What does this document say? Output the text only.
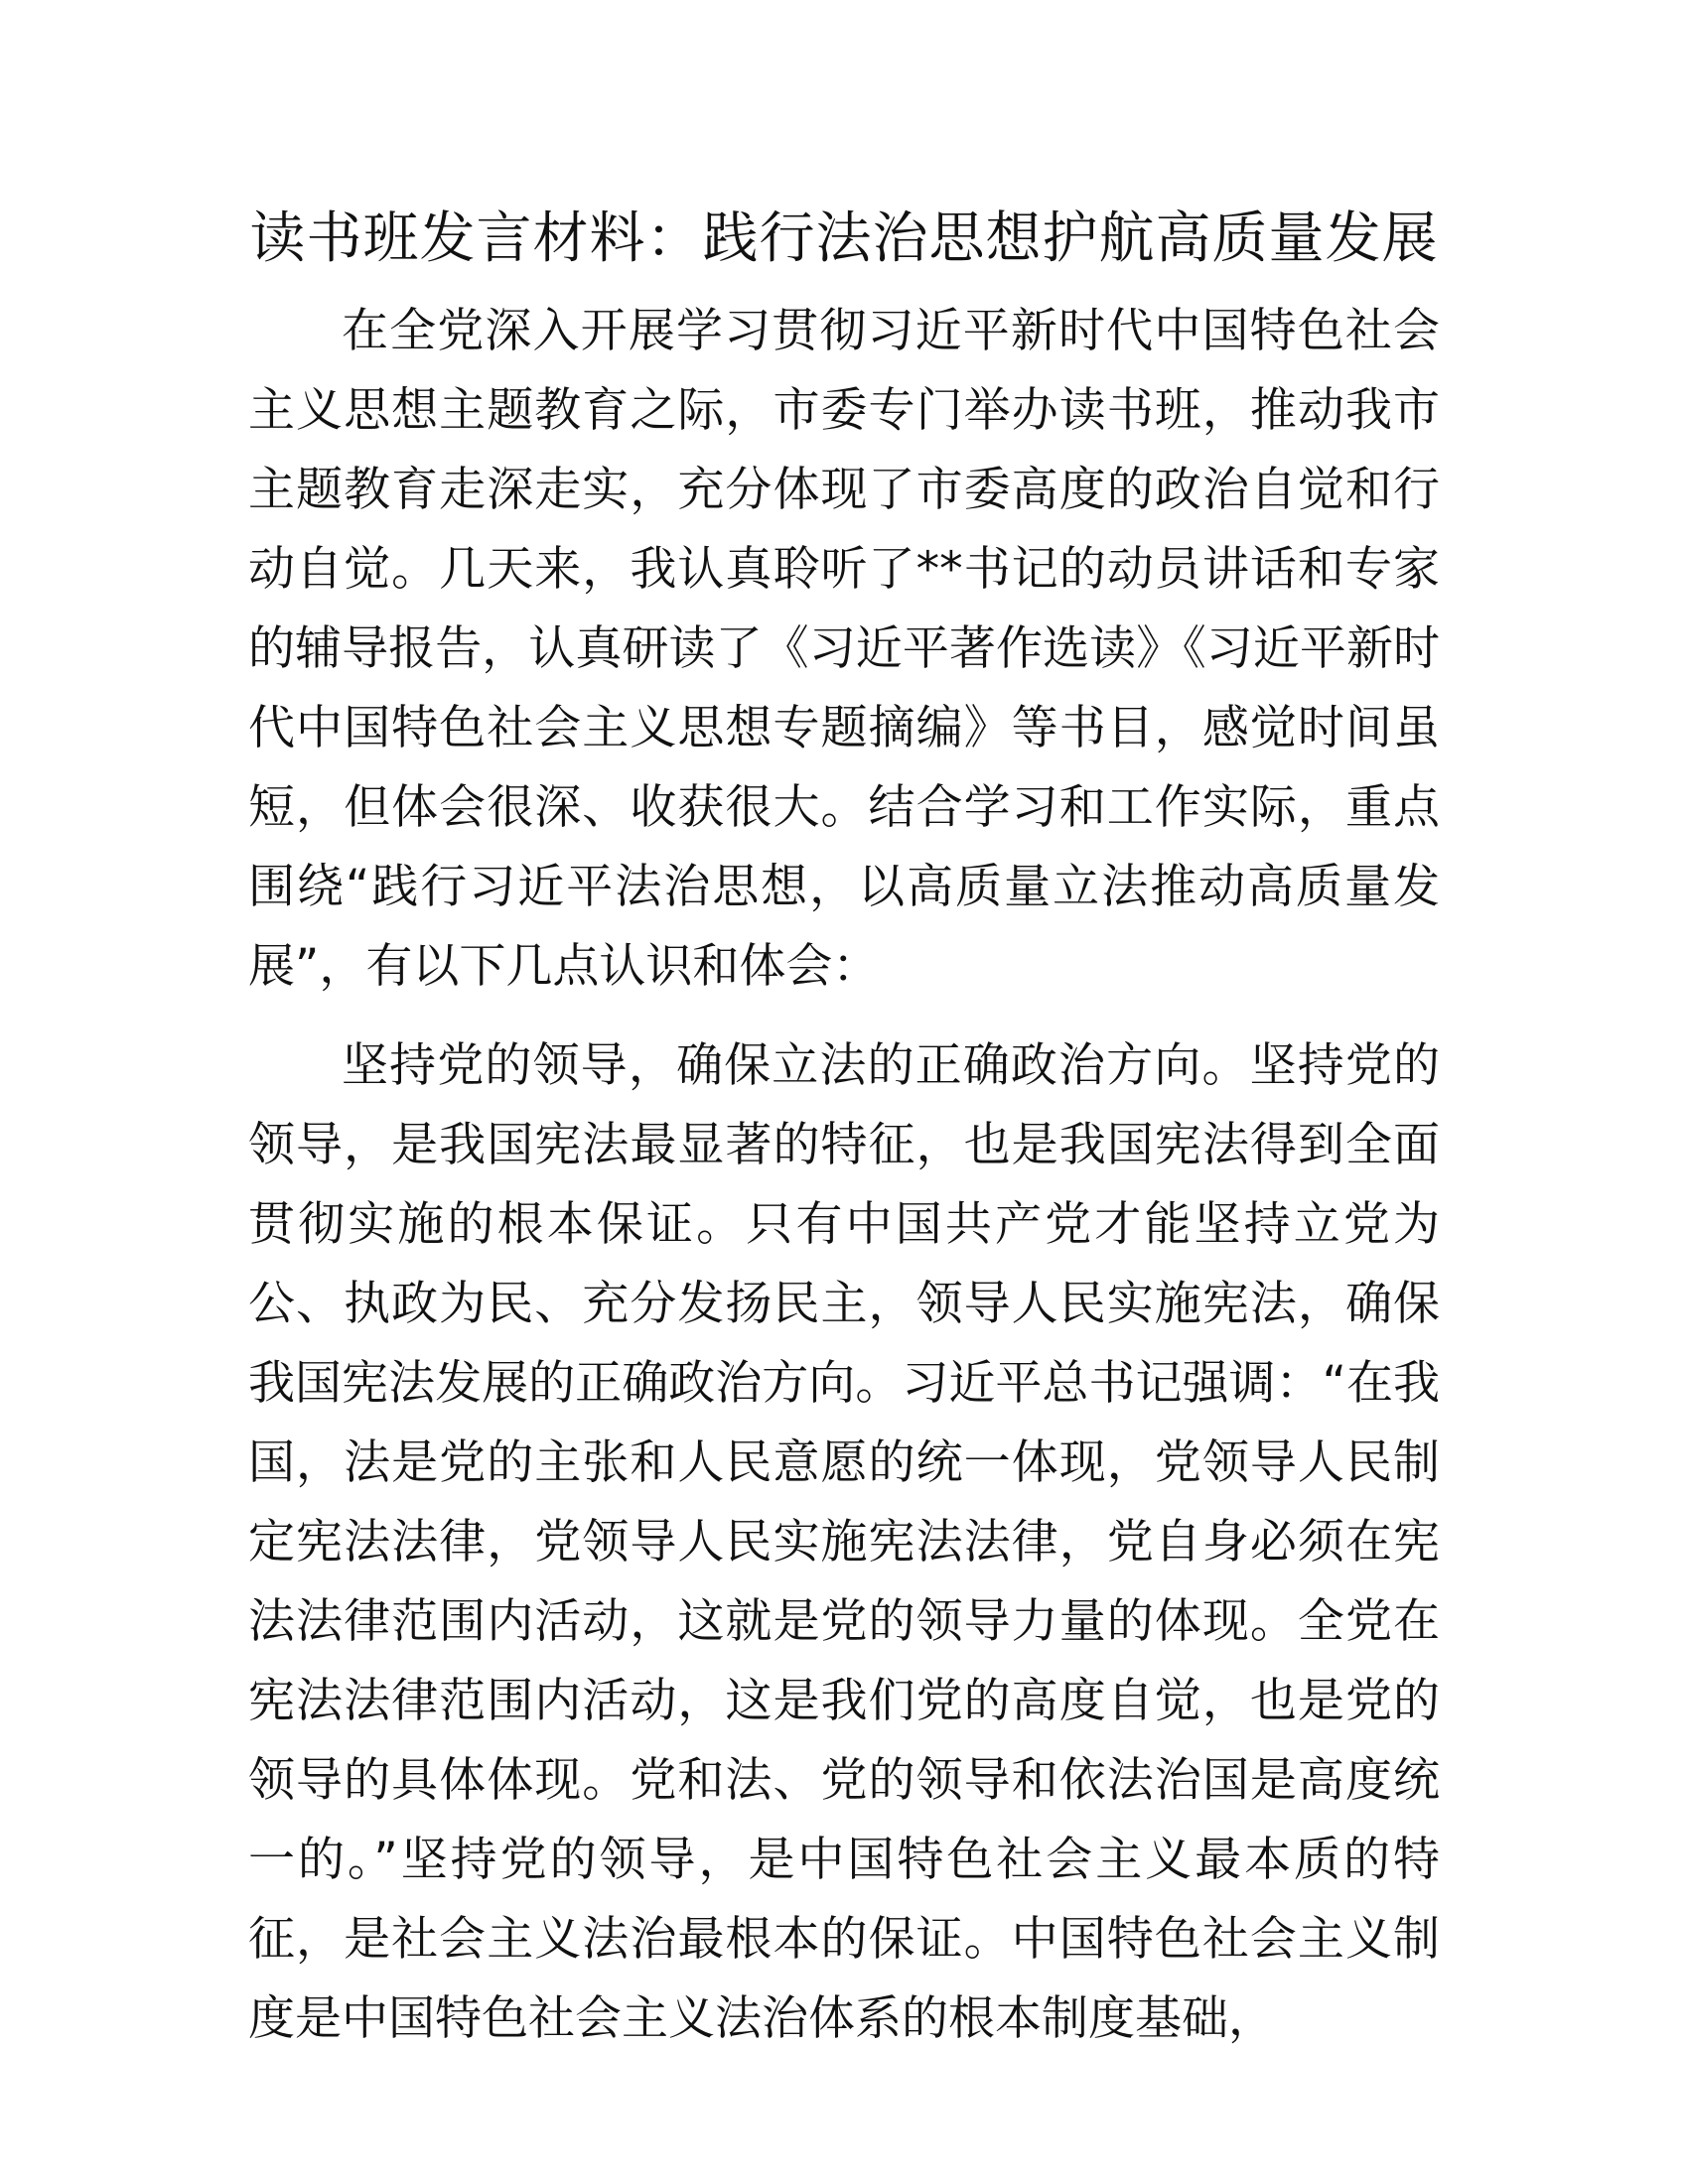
读书班发言材料：践行法治思想护航高质量发展

在全党深入开展学习贯彻习近平新时代中国特色社会主义思想主题教育之际，市委专门举办读书班，推动我市主题教育走深走实，充分体现了市委高度的政治自觉和行动自觉。几天来，我认真聆听了**书记的动员讲话和专家的辅导报告，认真研读了《习近平著作选读》《习近平新时代中国特色社会主义思想专题摘编》等书目，感觉时间虽短，但体会很深、收获很大。结合学习和工作实际，重点围绕“践行习近平法治思想，以高质量立法推动高质量发展”，有以下几点认识和体会：

坚持党的领导，确保立法的正确政治方向。坚持党的领导，是我国宪法最显著的特征，也是我国宪法得到全面贯彻实施的根本保证。只有中国共产党才能坚持立党为公、执政为民、充分发扬民主，领导人民实施宪法，确保我国宪法发展的正确政治方向。习近平总书记强调：“在我国，法是党的主张和人民意愿的统一体现，党领导人民制定宪法法律，党领导人民实施宪法法律，党自身必须在宪法法律范围内活动，这就是党的领导力量的体现。全党在宪法法律范围内活动，这是我们党的高度自觉，也是党的领导的具体体现。党和法、党的领导和依法治国是高度统一的。”坚持党的领导，是中国特色社会主义最本质的特征，是社会主义法治最根本的保证。中国特色社会主义制度是中国特色社会主义法治体系的根本制度基础，
